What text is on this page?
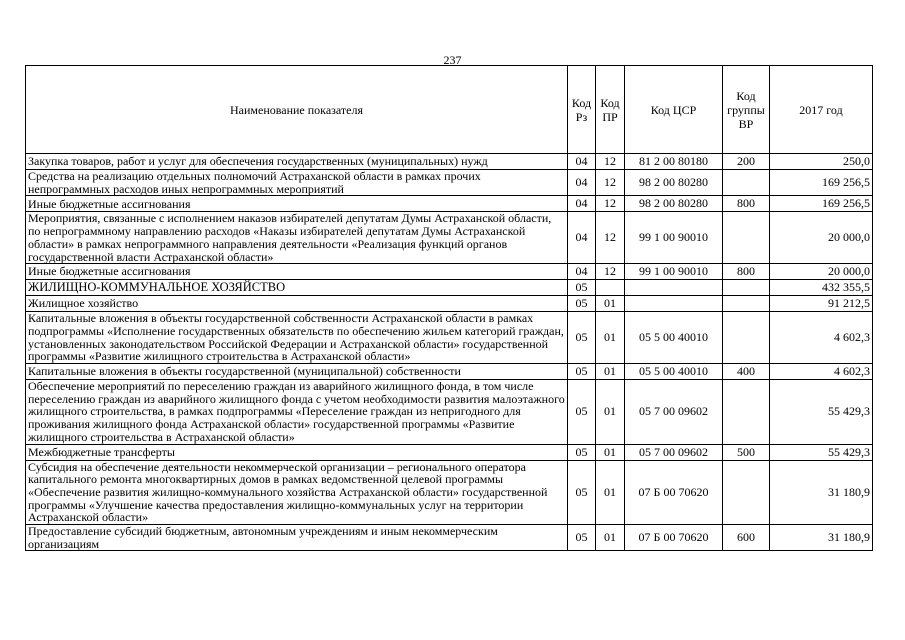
237
Наименование показателя	Код Рз	Код ПР	Код ЦСР	Код группы ВР	2017 год
Закупка товаров, работ и услуг для обеспечения государственных (муниципальных) нужд	04	12	81 2 00 80180	200	250,0
Средства на реализацию отдельных полномочий Астраханской области в рамках прочих непрограммных расходов иных непрограммных мероприятий	04	12	98 2 00 80280		169 256,5
Иные бюджетные ассигнования	04	12	98 2 00 80280	800	169 256,5
Мероприятия, связанные с исполнением наказов избирателей депутатам Думы Астраханской области, по непрограммному направлению расходов «Наказы избирателей депутатам Думы Астраханской области» в рамках непрограммного направления деятельности «Реализация функций органов государственной власти Астраханской области»	04	12	99 1 00 90010		20 000,0
Иные бюджетные ассигнования	04	12	99 1 00 90010	800	20 000,0
ЖИЛИЩНО-КОММУНАЛЬНОЕ ХОЗЯЙСТВО	05				432 355,5
Жилищное хозяйство	05	01			91 212,5
Капитальные вложения в объекты государственной собственности Астраханской области в рамках подпрограммы «Исполнение государственных обязательств по обеспечению жильем категорий граждан, установленных законодательством Российской Федерации и Астраханской области» государственной программы «Развитие жилищного строительства в Астраханской области»	05	01	05 5 00 40010		4 602,3
Капитальные вложения в объекты государственной (муниципальной) собственности	05	01	05 5 00 40010	400	4 602,3
Обеспечение мероприятий по переселению граждан из аварийного жилищного фонда, в том числе переселению граждан из аварийного жилищного фонда с учетом необходимости развития малоэтажного жилищного строительства, в рамках подпрограммы «Переселение граждан из непригодного для проживания жилищного фонда Астраханской области» государственной программы «Развитие жилищного строительства в Астраханской области»	05	01	05 7 00 09602		55 429,3
Межбюджетные трансферты	05	01	05 7 00 09602	500	55 429,3
Субсидия на обеспечение деятельности некоммерческой организации – регионального оператора капитального ремонта многоквартирных домов в рамках ведомственной целевой программы «Обеспечение развития жилищно-коммунального хозяйства Астраханской области» государственной программы «Улучшение качества предоставления жилищно-коммунальных услуг на территории Астраханской области»	05	01	07 Б 00 70620		31 180,9
Предоставление субсидий бюджетным, автономным учреждениям и иным некоммерческим организациям	05	01	07 Б 00 70620	600	31 180,9
